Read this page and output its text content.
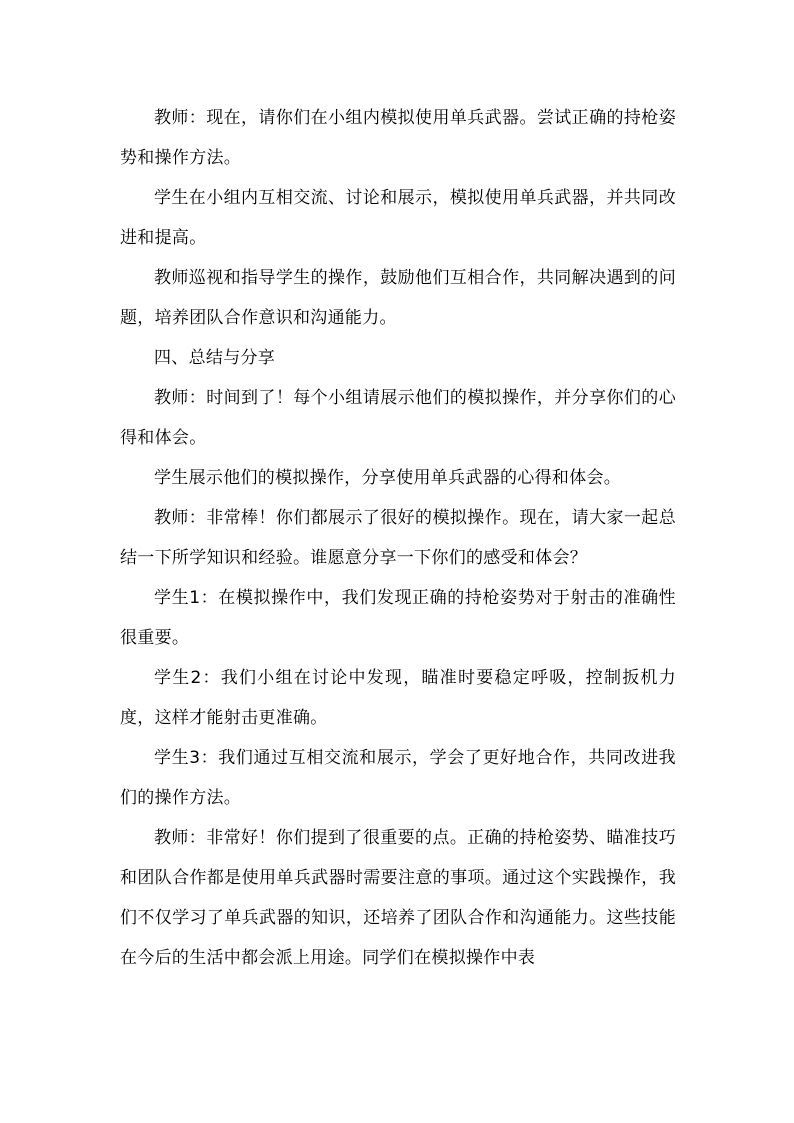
教师：现在，请你们在小组内模拟使用单兵武器。尝试正确的持枪姿势和操作方法。

学生在小组内互相交流、讨论和展示，模拟使用单兵武器，并共同改进和提高。

教师巡视和指导学生的操作，鼓励他们互相合作，共同解决遇到的问题，培养团队合作意识和沟通能力。

四、总结与分享

教师：时间到了！每个小组请展示他们的模拟操作，并分享你们的心得和体会。

学生展示他们的模拟操作，分享使用单兵武器的心得和体会。

教师：非常棒！你们都展示了很好的模拟操作。现在，请大家一起总结一下所学知识和经验。谁愿意分享一下你们的感受和体会？

学生1：在模拟操作中，我们发现正确的持枪姿势对于射击的准确性很重要。

学生2：我们小组在讨论中发现，瞄准时要稳定呼吸，控制扳机力度，这样才能射击更准确。

学生3：我们通过互相交流和展示，学会了更好地合作，共同改进我们的操作方法。

教师：非常好！你们提到了很重要的点。正确的持枪姿势、瞄准技巧和团队合作都是使用单兵武器时需要注意的事项。通过这个实践操作，我们不仅学习了单兵武器的知识，还培养了团队合作和沟通能力。这些技能在今后的生活中都会派上用途。同学们在模拟操作中表
